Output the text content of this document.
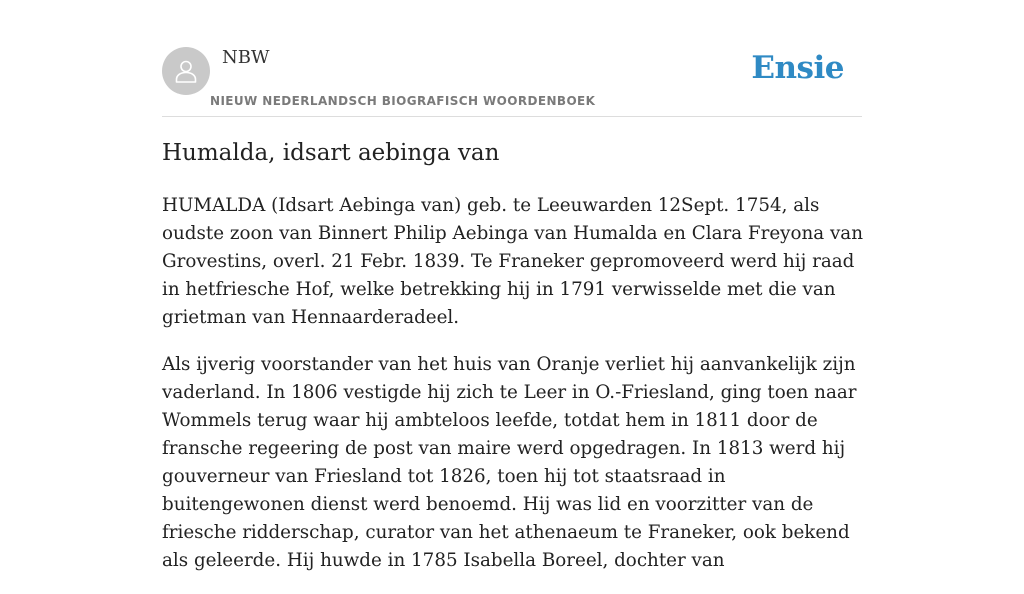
NBW
NIEUW NEDERLANDSCH BIOGRAFISCH WOORDENBOEK
Ensie
Humalda, idsart aebinga van

HUMALDA (Idsart Aebinga van) geb. te Leeuwarden 12Sept. 1754, als oudste zoon van Binnert Philip Aebinga van Humalda en Clara Freyona van Grovestins, overl. 21 Febr. 1839. Te Franeker gepromoveerd werd hij raad in hetfriesche Hof, welke betrekking hij in 1791 verwisselde met die van grietman van Hennaarderadeel.

Als ijverig voorstander van het huis van Oranje verliet hij aanvankelijk zijn vaderland. In 1806 vestigde hij zich te Leer in O.-Friesland, ging toen naar Wommels terug waar hij ambteloos leefde, totdat hem in 1811 door de fransche regeering de post van maire werd opgedragen. In 1813 werd hij gouverneur van Friesland tot 1826, toen hij tot staatsraad in buitengewonen dienst werd benoemd. Hij was lid en voorzitter van de friesche ridderschap, curator van het athenaeum te Franeker, ook bekend als geleerde. Hij huwde in 1785 Isabella Boreel, dochter van
